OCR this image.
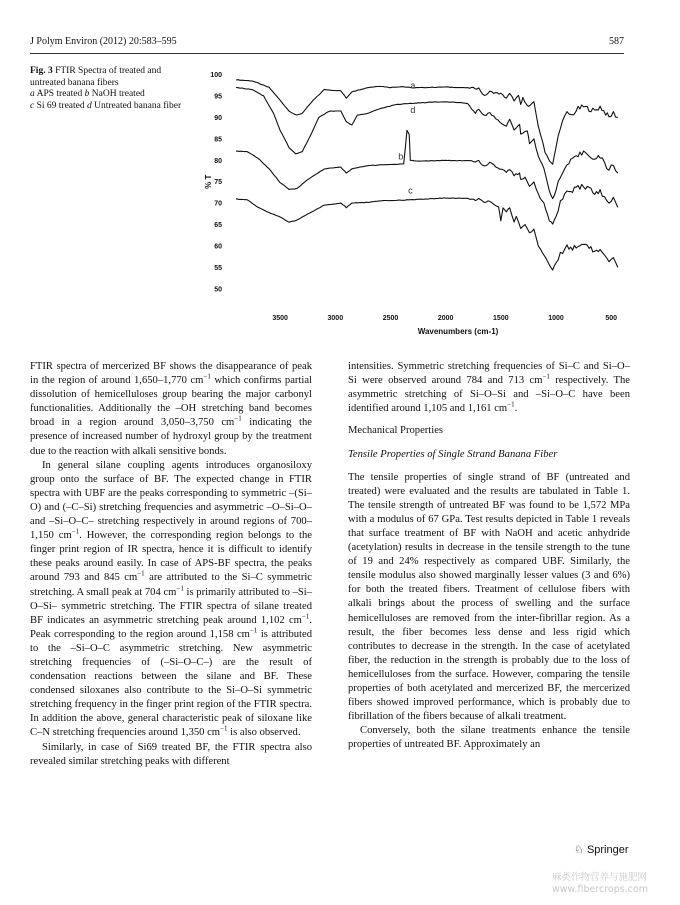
J Polym Environ (2012) 20:583–595	587
Fig. 3 FTIR Spectra of treated and untreated banana fibers
a APS treated b NaOH treated
c Si 69 treated d Untreated banana fiber
50
55
60
65
70
75
80
85
90
95
100
3500	3000	2500	2000	1500	1000	500
Wavenumbers (cm-1)
% T
a
d
b
c

FTIR spectra of mercerized BF shows the disappearance of peak in the region of around 1,650–1,770 $cm^{-1}$ which confirms partial dissolution of hemicelluloses group bearing the major carbonyl functionalities. Additionally the –OH stretching band becomes broad in a region around 3,050–3,750 $cm^{-1}$ indicating the presence of increased number of hydroxyl group by the treatment due to the reaction with alkali sensitive bonds.

In general silane coupling agents introduces organosiloxy group onto the surface of BF. The expected change in FTIR spectra with UBF are the peaks corresponding to symmetric –(Si–O) and (–C–Si) stretching frequencies and asymmetric –O–Si–O– and –Si–O–C– stretching respectively in around regions of 700–1,150 $cm^{-1}$. However, the corresponding region belongs to the finger print region of IR spectra, hence it is difficult to identify these peaks around easily. In case of APS-BF spectra, the peaks around 793 and 845 $cm^{-1}$ are attributed to the Si–C symmetric stretching. A small peak at 704 $cm^{-1}$ is primarily attributed to –Si–O–Si– symmetric stretching. The FTIR spectra of silane treated BF indicates an asymmetric stretching peak around 1,102 $cm^{-1}$. Peak corresponding to the region around 1,158 $cm^{-1}$ is attributed to the –Si–O–C asymmetric stretching. New asymmetric stretching frequencies of (–Si–O–C–) are the result of condensation reactions between the silane and BF. These condensed siloxanes also contribute to the Si–O–Si symmetric stretching frequency in the finger print region of the FTIR spectra. In addition the above, general characteristic peak of siloxane like C–N stretching frequencies around 1,350 $cm^{-1}$ is also observed.

Similarly, in case of Si69 treated BF, the FTIR spectra also revealed similar stretching peaks with different

intensities. Symmetric stretching frequencies of Si–C and Si–O–Si were observed around 784 and 713 $cm^{-1}$ respectively. The asymmetric stretching of Si–O–Si and –Si–O–C have been identified around 1,105 and 1,161 $cm^{-1}$.

Mechanical Properties

Tensile Properties of Single Strand Banana Fiber

The tensile properties of single strand of BF (untreated and treated) were evaluated and the results are tabulated in Table 1. The tensile strength of untreated BF was found to be 1,572 MPa with a modulus of 67 GPa. Test results depicted in Table 1 reveals that surface treatment of BF with NaOH and acetic anhydride (acetylation) results in decrease in the tensile strength to the tune of 19 and 24% respectively as compared UBF. Similarly, the tensile modulus also showed marginally lesser values (3 and 6%) for both the treated fibers. Treatment of cellulose fibers with alkali brings about the process of swelling and the surface hemicelluloses are removed from the inter-fibrillar region. As a result, the fiber becomes less dense and less rigid which contributes to decrease in the strength. In the case of acetylated fiber, the reduction in the strength is probably due to the loss of hemicelluloses from the surface. However, comparing the tensile properties of both acetylated and mercerized BF, the mercerized fibers showed improved performance, which is probably due to fibrillation of the fibers because of alkali treatment.

Conversely, both the silane treatments enhance the tensile properties of untreated BF. Approximately an

♘ Springer
麻类作物营养与施肥网
www.fibercrops.com
